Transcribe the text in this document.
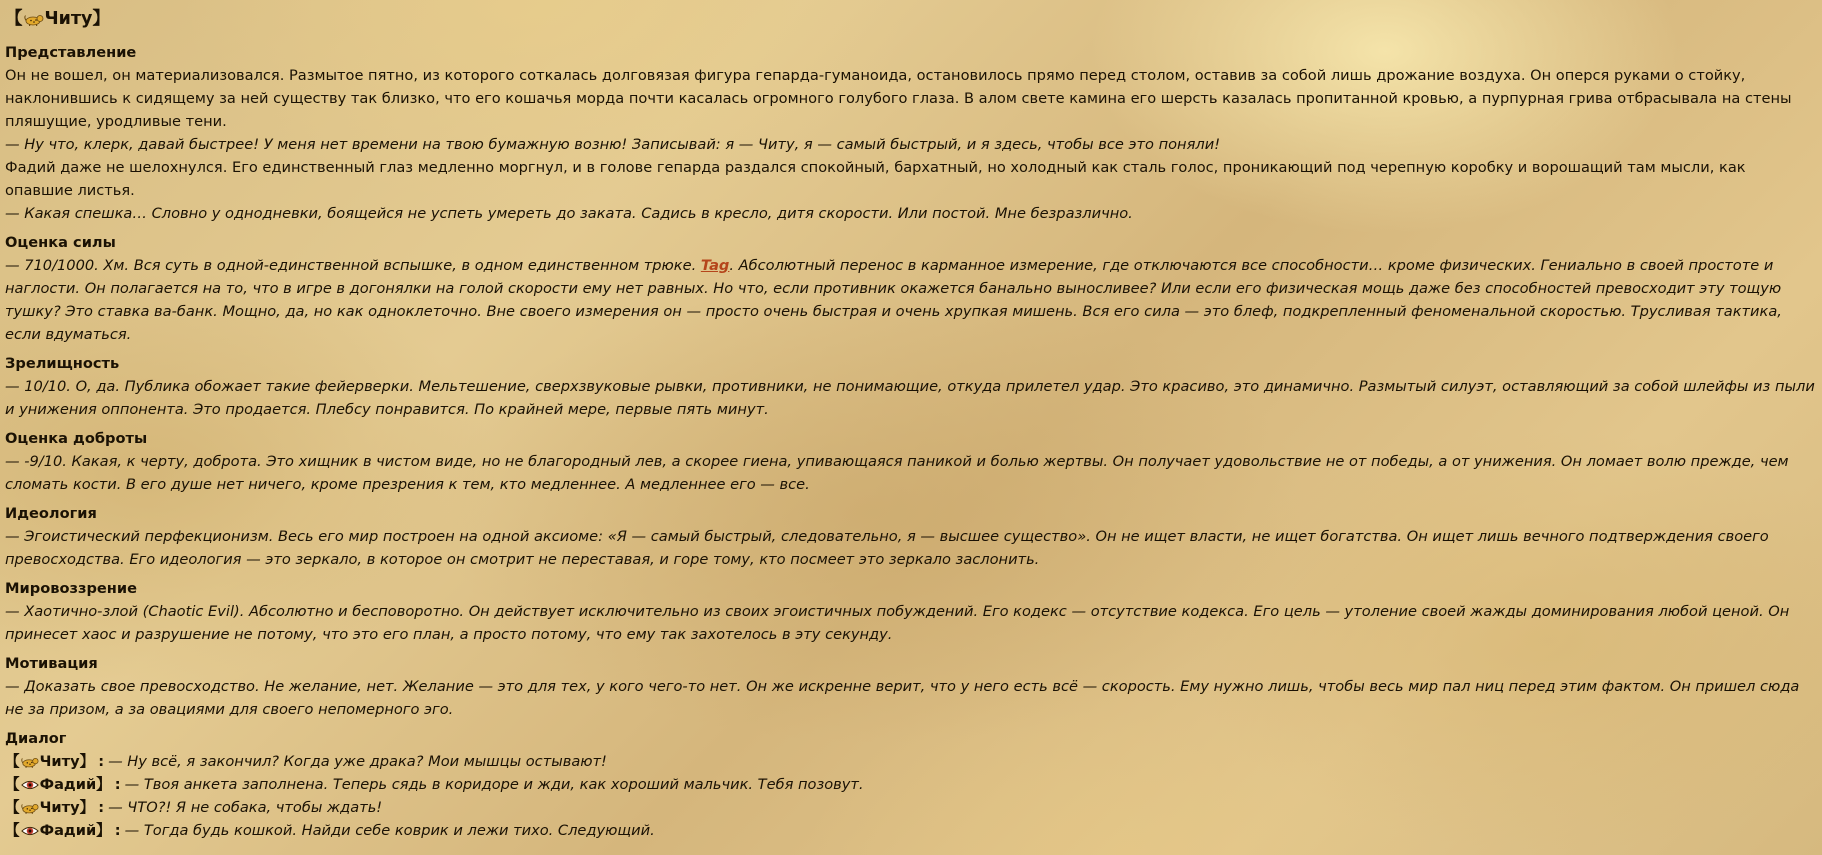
【 Читу 】
Представление

Он не вошел, он материализовался. Размытое пятно, из которого соткалась долговязая фигура гепарда-гуманоида, остановилось прямо перед столом, оставив за собой лишь дрожание воздуха. Он оперся руками о стойку, наклонившись к сидящему за ней существу так близко, что его кошачья морда почти касалась огромного голубого глаза. В алом свете камина его шерсть казалась пропитанной кровью, а пурпурная грива отбрасывала на стены пляшущие, уродливые тени.

— Ну что, клерк, давай быстрее! У меня нет времени на твою бумажную возню! Записывай: я — Читу, я — самый быстрый, и я здесь, чтобы все это поняли!

Фадий даже не шелохнулся. Его единственный глаз медленно моргнул, и в голове гепарда раздался спокойный, бархатный, но холодный как сталь голос, проникающий под черепную коробку и ворошащий там мысли, как опавшие листья.

— Какая спешка… Словно у однодневки, боящейся не успеть умереть до заката. Садись в кресло, дитя скорости. Или постой. Мне безразлично.

Оценка силы

— 710/1000. Хм. Вся суть в одной-единственной вспышке, в одном единственном трюке. Tag. Абсолютный перенос в карманное измерение, где отключаются все способности… кроме физических. Гениально в своей простоте и наглости. Он полагается на то, что в игре в догонялки на голой скорости ему нет равных. Но что, если противник окажется банально выносливее? Или если его физическая мощь даже без способностей превосходит эту тощую тушку? Это ставка ва-банк. Мощно, да, но как одноклеточно. Вне своего измерения он — просто очень быстрая и очень хрупкая мишень. Вся его сила — это блеф, подкрепленный феноменальной скоростью. Трусливая тактика, если вдуматься.

Зрелищность

— 10/10. О, да. Публика обожает такие фейерверки. Мельтешение, сверхзвуковые рывки, противники, не понимающие, откуда прилетел удар. Это красиво, это динамично. Размытый силуэт, оставляющий за собой шлейфы из пыли и унижения оппонента. Это продается. Плебсу понравится. По крайней мере, первые пять минут.

Оценка доброты

— -9/10. Какая, к черту, доброта. Это хищник в чистом виде, но не благородный лев, а скорее гиена, упивающаяся паникой и болью жертвы. Он получает удовольствие не от победы, а от унижения. Он ломает волю прежде, чем сломать кости. В его душе нет ничего, кроме презрения к тем, кто медленнее. А медленнее его — все.

Идеология

— Эгоистический перфекционизм. Весь его мир построен на одной аксиоме: «Я — самый быстрый, следовательно, я — высшее существо». Он не ищет власти, не ищет богатства. Он ищет лишь вечного подтверждения своего превосходства. Его идеология — это зеркало, в которое он смотрит не переставая, и горе тому, кто посмеет это зеркало заслонить.

Мировоззрение

— Хаотично-злой (Chaotic Evil). Абсолютно и бесповоротно. Он действует исключительно из своих эгоистичных побуждений. Его кодекс — отсутствие кодекса. Его цель — утоление своей жажды доминирования любой ценой. Он принесет хаос и разрушение не потому, что это его план, а просто потому, что ему так захотелось в эту секунду.

Мотивация

— Доказать свое превосходство. Не желание, нет. Желание — это для тех, у кого чего-то нет. Он же искренне верит, что у него есть всё — скорость. Ему нужно лишь, чтобы весь мир пал ниц перед этим фактом. Он пришел сюда не за призом, а за овациями для своего непомерного эго.

Диалог
【 Читу 】 : — Ну всё, я закончил? Когда уже драка? Мои мышцы остывают!
【 Фадий 】 : — Твоя анкета заполнена. Теперь сядь в коридоре и жди, как хороший мальчик. Тебя позовут.
【 Читу 】 : — ЧТО?! Я не собака, чтобы ждать!
【 Фадий 】 : — Тогда будь кошкой. Найди себе коврик и лежи тихо. Следующий.
